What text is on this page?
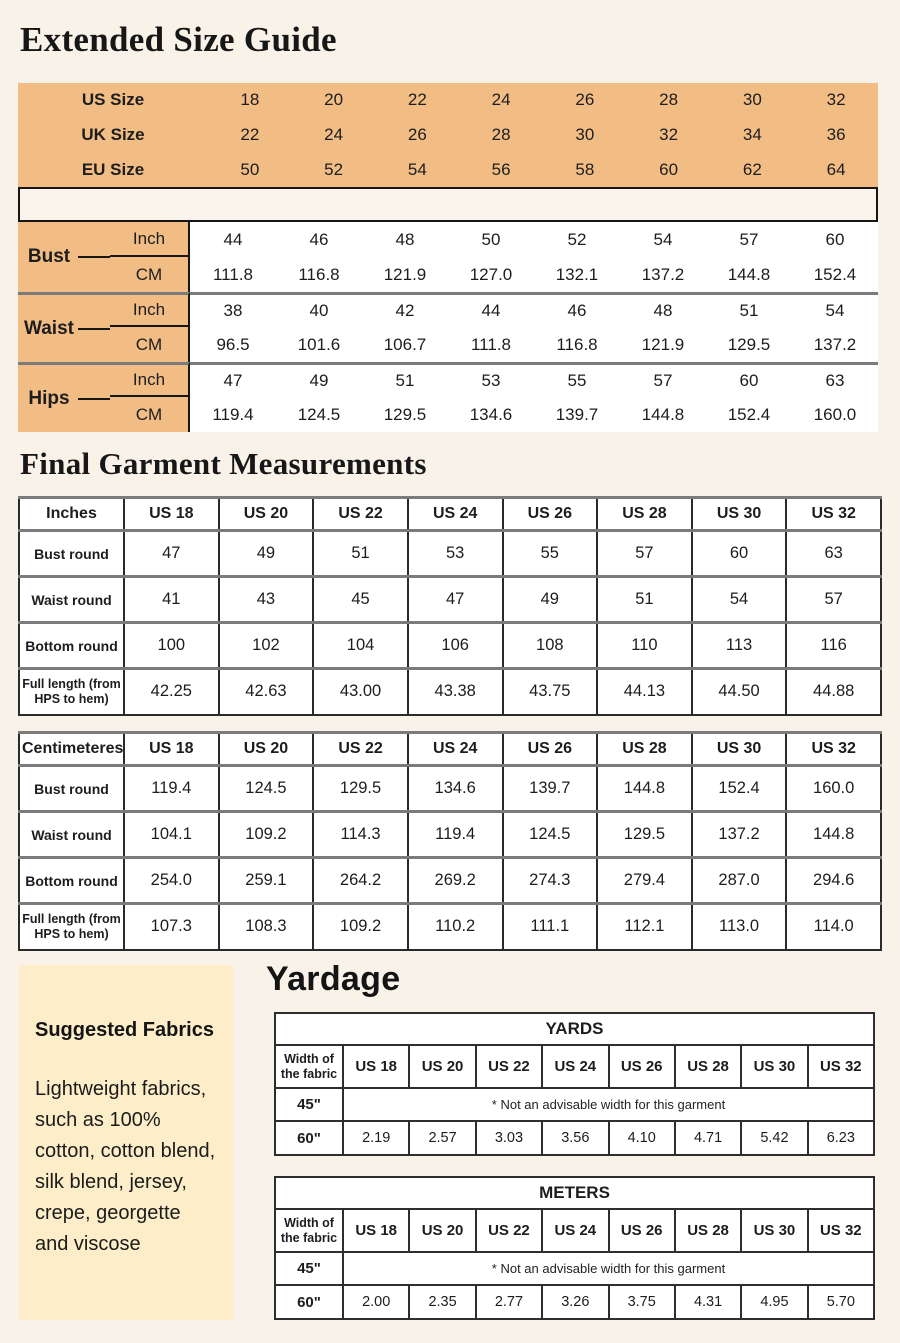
Extended Size Guide
US Size	18	20	22	24	26	28	30	32
UK Size	22	24	26	28	30	32	34	36
EU Size	50	52	54	56	58	60	62	64
Bust
Inch	44	46	48	50	52	54	57	60
CM	111.8	116.8	121.9	127.0	132.1	137.2	144.8	152.4
Waist
Inch	38	40	42	44	46	48	51	54
CM	96.5	101.6	106.7	111.8	116.8	121.9	129.5	137.2
Hips
Inch	47	49	51	53	55	57	60	63
CM	119.4	124.5	129.5	134.6	139.7	144.8	152.4	160.0
Final Garment Measurements
Inches	US 18	US 20	US 22	US 24	US 26	US 28	US 30	US 32
Bust round	47	49	51	53	55	57	60	63
Waist round	41	43	45	47	49	51	54	57
Bottom round	100	102	104	106	108	110	113	116
Full length (from HPS to hem)	42.25	42.63	43.00	43.38	43.75	44.13	44.50	44.88
Centimeteres	US 18	US 20	US 22	US 24	US 26	US 28	US 30	US 32
Bust round	119.4	124.5	129.5	134.6	139.7	144.8	152.4	160.0
Waist round	104.1	109.2	114.3	119.4	124.5	129.5	137.2	144.8
Bottom round	254.0	259.1	264.2	269.2	274.3	279.4	287.0	294.6
Full length (from HPS to hem)	107.3	108.3	109.2	110.2	111.1	112.1	113.0	114.0
Suggested Fabrics
Lightweight fabrics, such as 100% cotton, cotton blend, silk blend, jersey, crepe, georgette and viscose
Yardage
YARDS								
Width of the fabric	US 18	US 20	US 22	US 24	US 26	US 28	US 30	US 32
45"	* Not an advisable width for this garment							
60"	2.19	2.57	3.03	3.56	4.10	4.71	5.42	6.23
METERS								
Width of the fabric	US 18	US 20	US 22	US 24	US 26	US 28	US 30	US 32
45"	* Not an advisable width for this garment							
60"	2.00	2.35	2.77	3.26	3.75	4.31	4.95	5.70
